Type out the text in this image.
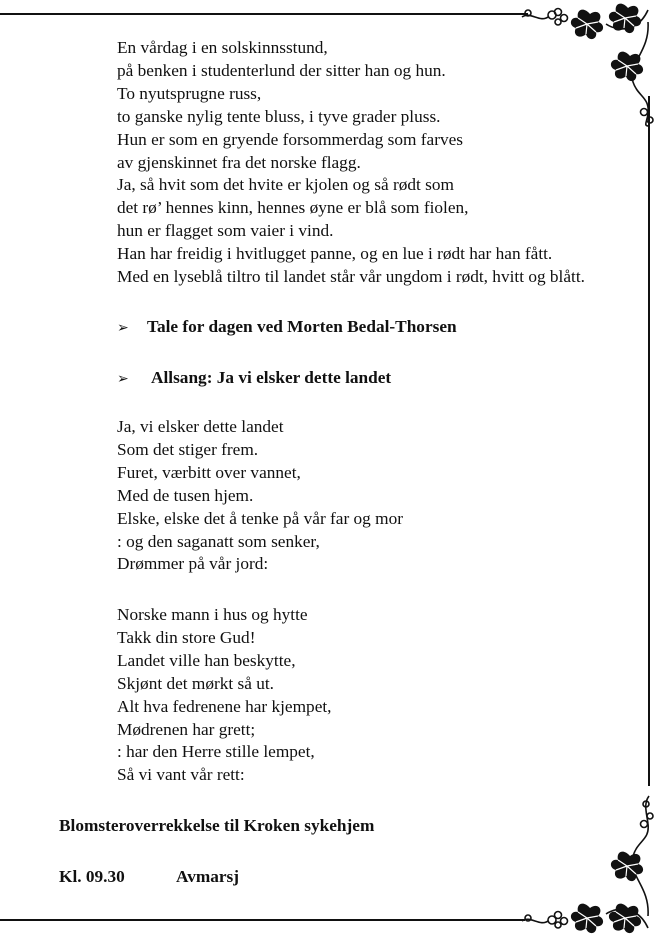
En vårdag i en solskinnsstund,
på benken i studenterlund der sitter han og hun.
To nyutsprugne russ,
to ganske nylig tente bluss, i tyve grader pluss.
Hun er som en gryende forsommerdag som farves
av gjenskinnet fra det norske flagg.
Ja, så hvit som det hvite er kjolen og så rødt som
det rø’ hennes kinn, hennes øyne er blå som fiolen,
hun er flagget som vaier i vind.
Han har freidig i hvitlugget panne, og en lue i rødt har han fått.
Med en lyseblå tiltro til landet står vår ungdom i rødt, hvitt og blått.
➢ Tale for dagen ved Morten Bedal-Thorsen
➢ Allsang: Ja vi elsker dette landet
Ja, vi elsker dette landet
Som det stiger frem.
Furet, værbitt over vannet,
Med de tusen hjem.
Elske, elske det å tenke på vår far og mor
: og den saganatt som senker,
Drømmer på vår jord:
Norske mann i hus og hytte
Takk din store Gud!
Landet ville han beskytte,
Skjønt det mørkt så ut.
Alt hva fedrenene har kjempet,
Mødrenen har grett;
: har den Herre stille lempet,
Så vi vant vår rett:
Blomsteroverrekkelse til Kroken sykehjem
Kl. 09.30	Avmarsj
